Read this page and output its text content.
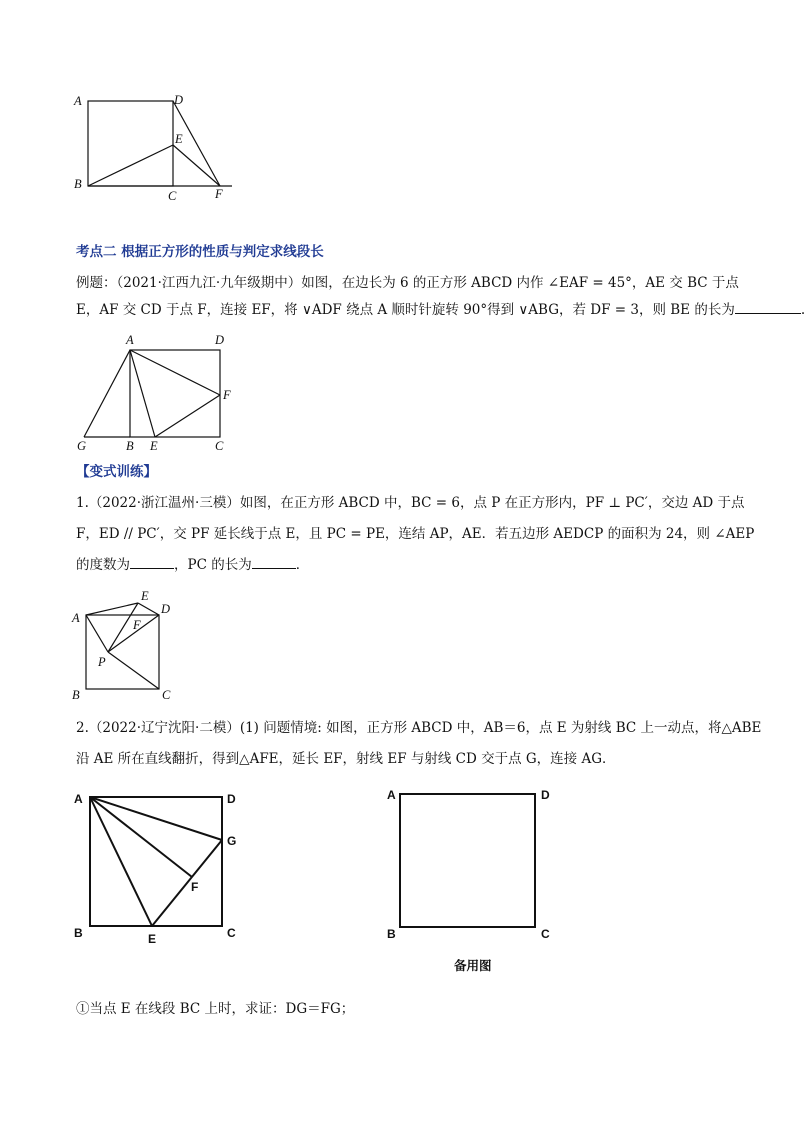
A	D
E
B
C	F
考点二 根据正方形的性质与判定求线段长
例题：（2021·江西九江·九年级期中）如图，在边长为 6 的正方形 ABCD 内作 ∠EAF = 45°，AE 交 BC 于点
E，AF 交 CD 于点 F，连接 EF，将 ∨ADF 绕点 A 顺时针旋转 90°得到 ∨ABG，若 DF = 3，则 BE 的长为	.
A	D
F
G	B E	C
【变式训练】
1.（2022·浙江温州·三模）如图，在正方形 ABCD 中，BC = 6，点 P 在正方形内，PF ⊥ PC′，交边 AD 于点
F，ED // PC′，交 PF 延长线于点 E，且 PC = PE，连结 AP，AE．若五边形 AEDCP 的面积为 24，则 ∠AEP
的度数为	，PC 的长为	．
E
D
A	F
P
B	C
2.（2022·辽宁沈阳·二模）(1) 问题情境: 如图，正方形 ABCD 中，AB＝6，点 E 为射线 BC 上一动点，将△ABE
沿 AE 所在直线翻折，得到△AFE，延长 EF，射线 EF 与射线 CD 交于点 G，连接 AG．
A	D
G
F
B	E	C
A	D
B	C
备用图
①当点 E 在线段 BC 上时，求证：DG＝FG；
